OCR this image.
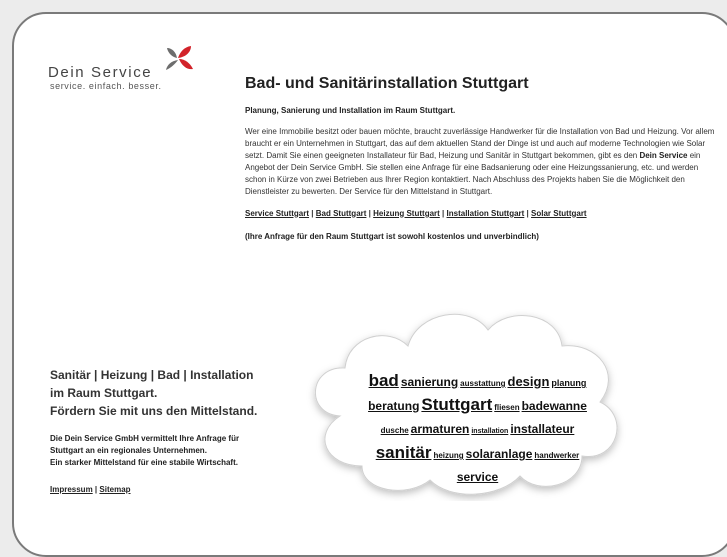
Dein Service
service. einfach. besser.	Bad- und Sanitärinstallation Stuttgart
Planung, Sanierung und Installation im Raum Stuttgart.
Wer eine Immobilie besitzt oder bauen möchte, braucht zuverlässige Handwerker für die Installation von Bad und Heizung. Vor allem braucht er ein Unternehmen in Stuttgart, das auf dem aktuellen Stand der Dinge ist und auch auf moderne Technologien wie Solar setzt. Damit Sie einen geeigneten Installateur für Bad, Heizung und Sanitär in Stuttgart bekommen, gibt es den Dein Service ein Angebot der Dein Service GmbH. Sie stellen eine Anfrage für eine Badsanierung oder eine Heizungssanierung, etc. und werden schon in Kürze von zwei Betrieben aus Ihrer Region kontaktiert. Nach Abschluss des Projekts haben Sie die Möglichkeit den Dienstleister zu bewerten. Der Service für den Mittelstand in Stuttgart.
Service Stuttgart | Bad Stuttgart | Heizung Stuttgart | Installation Stuttgart | Solar Stuttgart
(Ihre Anfrage für den Raum Stuttgart ist sowohl kostenlos und unverbindlich)
Sanitär | Heizung | Bad | Installation
im Raum Stuttgart.
Fördern Sie mit uns den Mittelstand.
Die Dein Service GmbH vermittelt Ihre Anfrage für
Stuttgart an ein regionales Unternehmen.
Ein starker Mittelstand für eine stabile Wirtschaft.
Impressum | Sitemap
bad sanierung ausstattung design planung
beratung Stuttgart fliesen badewanne
dusche armaturen installation installateur
sanitär heizung solaranlage handwerker
service
